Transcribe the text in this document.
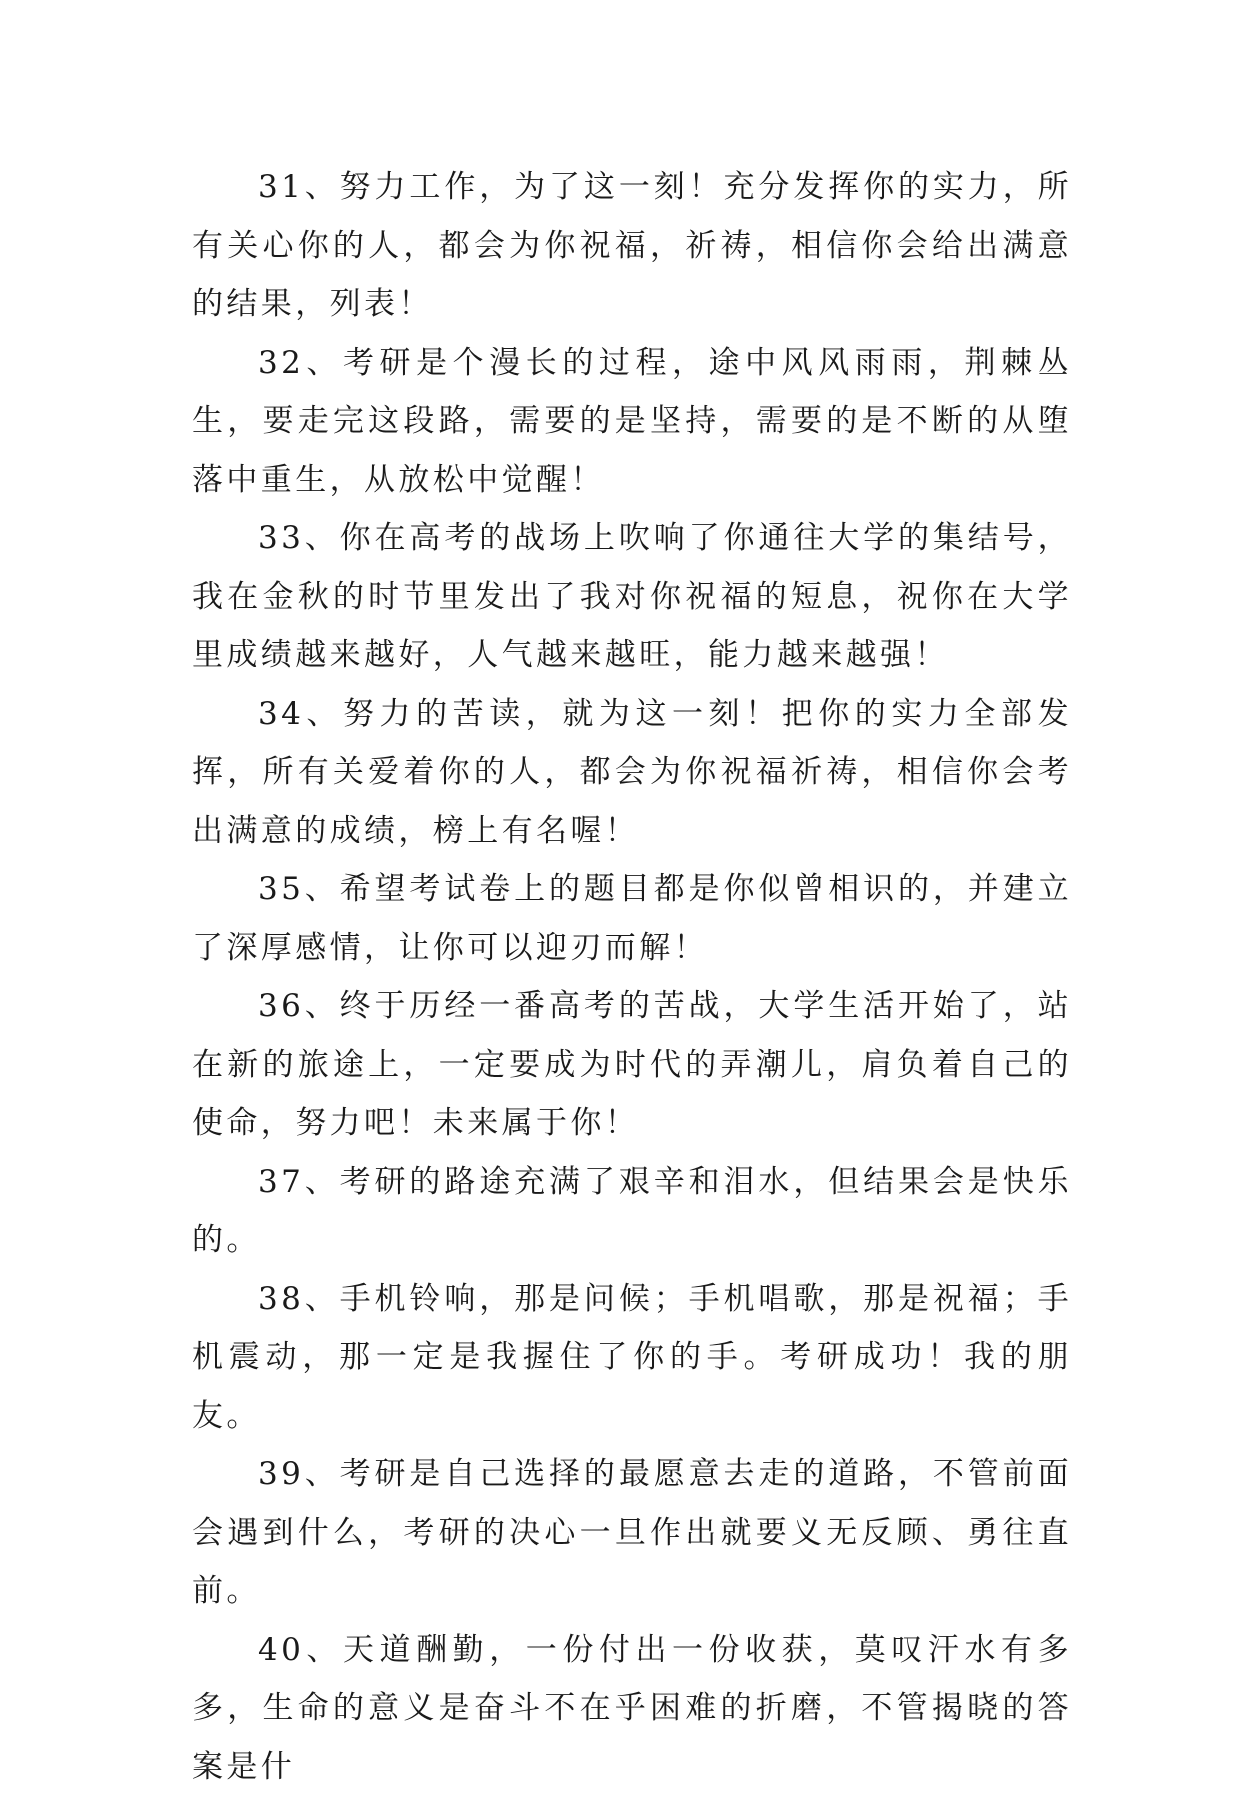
31、努力工作，为了这一刻！充分发挥你的实力，所有关心你的人，都会为你祝福，祈祷，相信你会给出满意的结果，列表！

32、考研是个漫长的过程，途中风风雨雨，荆棘丛生，要走完这段路，需要的是坚持，需要的是不断的从堕落中重生，从放松中觉醒！

33、你在高考的战场上吹响了你通往大学的集结号，我在金秋的时节里发出了我对你祝福的短息，祝你在大学里成绩越来越好，人气越来越旺，能力越来越强！

34、努力的苦读，就为这一刻！把你的实力全部发挥，所有关爱着你的人，都会为你祝福祈祷，相信你会考出满意的成绩，榜上有名喔！

35、希望考试卷上的题目都是你似曾相识的，并建立了深厚感情，让你可以迎刃而解！

36、终于历经一番高考的苦战，大学生活开始了，站在新的旅途上，一定要成为时代的弄潮儿，肩负着自己的使命，努力吧！未来属于你！

37、考研的路途充满了艰辛和泪水，但结果会是快乐的。

38、手机铃响，那是问候；手机唱歌，那是祝福；手机震动，那一定是我握住了你的手。考研成功！我的朋友。

39、考研是自己选择的最愿意去走的道路，不管前面会遇到什么，考研的决心一旦作出就要义无反顾、勇往直前。

40、天道酬勤，一份付出一份收获，莫叹汗水有多多，生命的意义是奋斗不在乎困难的折磨，不管揭晓的答案是什
